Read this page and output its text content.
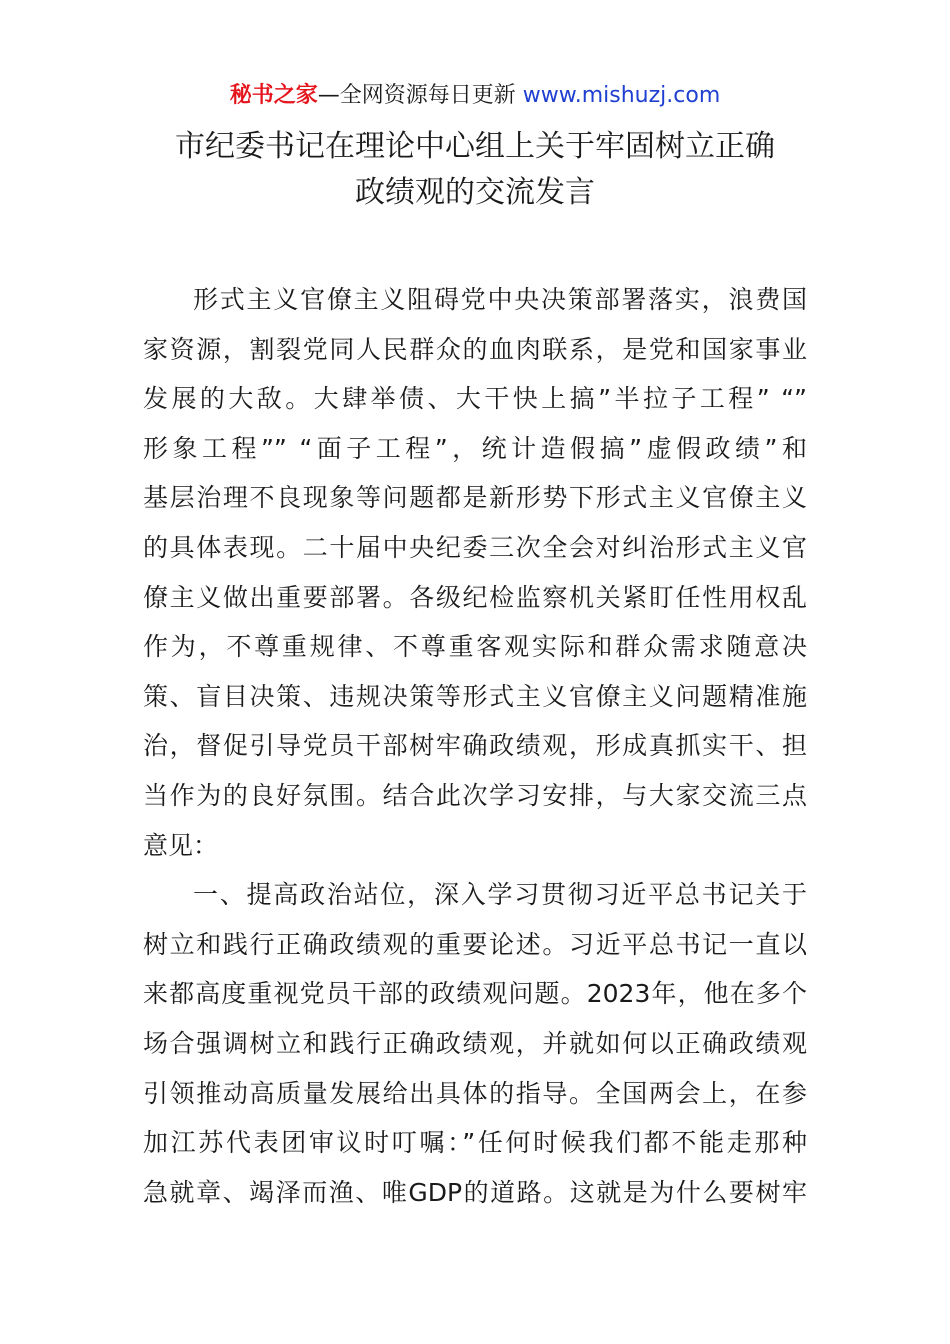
秘书之家—全网资源每日更新 www.mishuzj.com
市纪委书记在理论中心组上关于牢固树立正确
政绩观的交流发言
形式主义官僚主义阻碍党中央决策部署落实，浪费国
家资源，割裂党同人民群众的血肉联系，是党和国家事业
发展的大敌。大肆举债、大干快上搞”半拉子工程” “”
形象工程”” “面子工程”，统计造假搞”虚假政绩”和
基层治理不良现象等问题都是新形势下形式主义官僚主义
的具体表现。二十届中央纪委三次全会对纠治形式主义官
僚主义做出重要部署。各级纪检监察机关紧盯任性用权乱
作为，不尊重规律、不尊重客观实际和群众需求随意决
策、盲目决策、违规决策等形式主义官僚主义问题精准施
治，督促引导党员干部树牢确政绩观，形成真抓实干、担
当作为的良好氛围。结合此次学习安排，与大家交流三点
意见：
一、提高政治站位，深入学习贯彻习近平总书记关于
树立和践行正确政绩观的重要论述。习近平总书记一直以
来都高度重视党员干部的政绩观问题。2023年，他在多个
场合强调树立和践行正确政绩观，并就如何以正确政绩观
引领推动高质量发展给出具体的指导。全国两会上，在参
加江苏代表团审议时叮嘱：”任何时候我们都不能走那种
急就章、竭泽而渔、唯GDP的道路。这就是为什么要树牢
